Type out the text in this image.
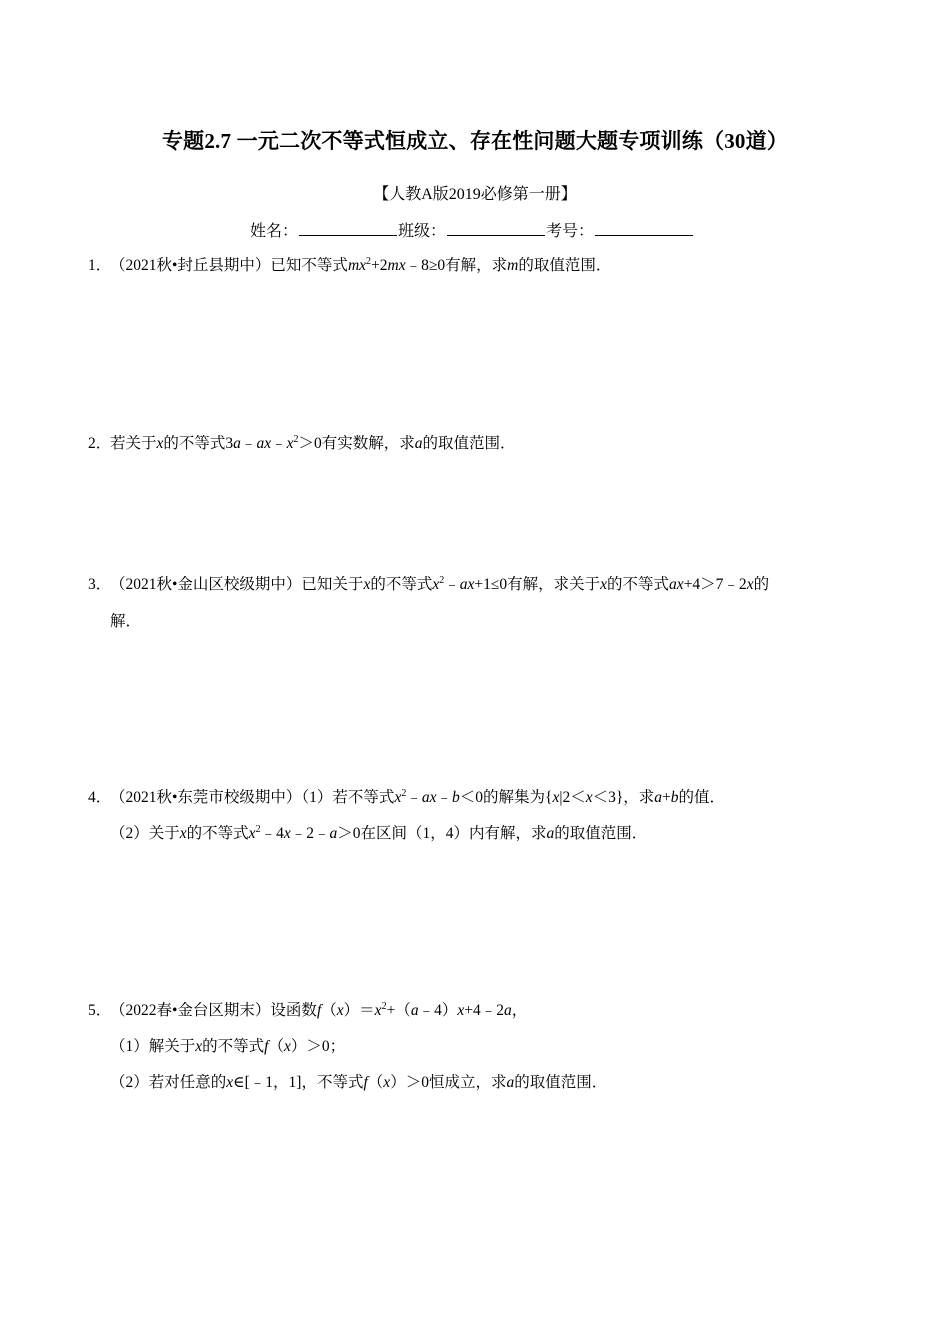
专题2.7 一元二次不等式恒成立、存在性问题大题专项训练（30道）
【人教A版2019必修第一册】
姓名：	班级：	考号：
1．（2021秋•封丘县期中）已知不等式$mx^2+2mx﹣8\ge 0$有解，求m的取值范围．
2．若关于x的不等式$3a﹣ax﹣x^2>0$有实数解，求a的取值范围．
3．（2021秋•金山区校级期中）已知关于x的不等式$x^2﹣ax+1\le 0$有解，求关于x的不等式ax+4＞7﹣2x的
解．
4．（2021秋•东莞市校级期中）（1）若不等式$x^2﹣ax﹣b<0$的解集为{x|2＜x＜3}，求a+b的值．
（2）关于x的不等式$x^2﹣4x﹣2﹣a>0$在区间（1，4）内有解，求a的取值范围．
5．（2022春•金台区期末）设函数$f(x)=x^2+(a﹣4)x+4﹣2a$，
（1）解关于x的不等式f（x）＞0；
（2）若对任意的x∈[﹣1，1]，不等式f（x）＞0恒成立，求a的取值范围．
